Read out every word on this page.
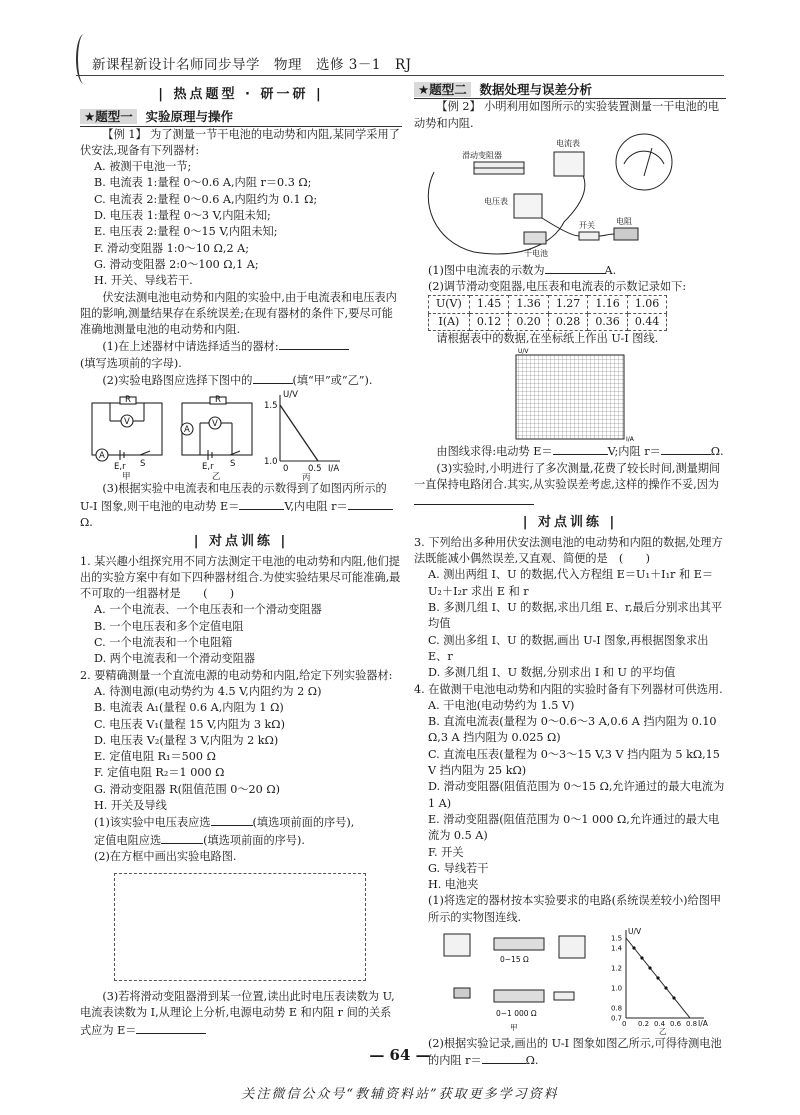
新课程新设计名师同步导学　物理　选修 3－1　RJ

| 热点题型 · 研一研 |

★题型一 实验原理与操作

【例 1】 为了测量一节干电池的电动势和内阻,某同学采用了伏安法,现备有下列器材:

A. 被测干电池一节;

B. 电流表 1:量程 0～0.6 A,内阻 r＝0.3 Ω;

C. 电流表 2:量程 0～0.6 A,内阻约为 0.1 Ω;

D. 电压表 1:量程 0～3 V,内阻未知;

E. 电压表 2:量程 0～15 V,内阻未知;

F. 滑动变阻器 1:0～10 Ω,2 A;

G. 滑动变阻器 2:0～100 Ω,1 A;

H. 开关、导线若干.

伏安法测电池电动势和内阻的实验中,由于电流表和电压表内阻的影响,测量结果存在系统误差;在现有器材的条件下,要尽可能准确地测量电池的电动势和内阻.

(1)在上述器材中请选择适当的器材:

(填写选项前的字母).

(2)实验电路图应选择下图中的	(填“甲”或“乙”).

R
V
A
E,r S
甲
R
A
V
E,r S
乙
U/V
1.5
1.0
0 0.5 I/A
丙

(3)根据实验中电流表和电压表的示数得到了如图丙所示的 U-I 图象,则干电池的电动势 E＝	V,内电阻 r＝Ω.

| 对点训练 |

1. 某兴趣小组探究用不同方法测定干电池的电动势和内阻,他们提出的实验方案中有如下四种器材组合.为使实验结果尽可能准确,最不可取的一组器材是　　(　　)

A. 一个电流表、一个电压表和一个滑动变阻器

B. 一个电压表和多个定值电阻

C. 一个电流表和一个电阻箱

D. 两个电流表和一个滑动变阻器

2. 要精确测量一个直流电源的电动势和内阻,给定下列实验器材:

A. 待测电源(电动势约为 4.5 V,内阻约为 2 Ω)

B. 电流表 A₁(量程 0.6 A,内阻为 1 Ω)

C. 电压表 V₁(量程 15 V,内阻为 3 kΩ)

D. 电压表 V₂(量程 3 V,内阻为 2 kΩ)

E. 定值电阻 R₁＝500 Ω

F. 定值电阻 R₂＝1 000 Ω

G. 滑动变阻器 R(阻值范围 0～20 Ω)

H. 开关及导线

(1)该实验中电压表应选	(填选项前面的序号),

定值电阻应选	(填选项前面的序号).

(2)在方框中画出实验电路图.

(3)若将滑动变阻器滑到某一位置,读出此时电压表读数为 U,电流表读数为 I,从理论上分析,电源电动势 E 和内阻 r 间的关系式应为 E＝

★题型二 数据处理与误差分析

【例 2】 小明利用如图所示的实验装置测量一干电池的电动势和内阻.

滑动变阻器
电流表
电压表
干电池
开关	电阻

(1)图中电流表的示数为	A.

(2)调节滑动变阻器,电压表和电流表的示数记录如下:

U(V)	1.45	1.36	1.27	1.16	1.06
I(A)	0.12	0.20	0.28	0.36	0.44

请根据表中的数据,在坐标纸上作出 U-I 图线.

U/V
I/A

由图线求得:电动势 E＝	V;内阻 r＝	Ω.

(3)实验时,小明进行了多次测量,花费了较长时间,测量期间一直保持电路闭合.其实,从实验误差考虑,这样的操作不妥,因为

| 对点训练 |

3. 下列给出多种用伏安法测电池的电动势和内阻的数据,处理方法既能减小偶然误差,又直观、简便的是　(　　)

A. 测出两组 I、U 的数据,代入方程组 E＝U₁＋I₁r 和 E＝U₂＋I₂r 求出 E 和 r

B. 多测几组 I、U 的数据,求出几组 E、r,最后分别求出其平均值

C. 测出多组 I、U 的数据,画出 U-I 图象,再根据图象求出 E、r

D. 多测几组 I、U 数据,分别求出 I 和 U 的平均值

4. 在做测干电池电动势和内阻的实验时备有下列器材可供选用.

A. 干电池(电动势约为 1.5 V)

B. 直流电流表(量程为 0～0.6～3 A,0.6 A 挡内阻为 0.10 Ω,3 A 挡内阻为 0.025 Ω)

C. 直流电压表(量程为 0～3～15 V,3 V 挡内阻为 5 kΩ,15 V 挡内阻为 25 kΩ)

D. 滑动变阻器(阻值范围为 0～15 Ω,允许通过的最大电流为 1 A)

E. 滑动变阻器(阻值范围为 0～1 000 Ω,允许通过的最大电流为 0.5 A)

F. 开关

G. 导线若干

H. 电池夹

(1)将选定的器材按本实验要求的电路(系统误差较小)给图甲所示的实物图连线.

0~15 Ω
0~1 000 Ω
甲
1.5
1.4
1.2
1.0
0.8
0.7
0 0.2 0.4 0.6 0.8
U/V
I/A
乙

(2)根据实验记录,画出的 U-I 图象如图乙所示,可得待测电池的内阻 r＝	Ω.

— 64 —
关注微信公众号“教辅资料站”获取更多学习资料
